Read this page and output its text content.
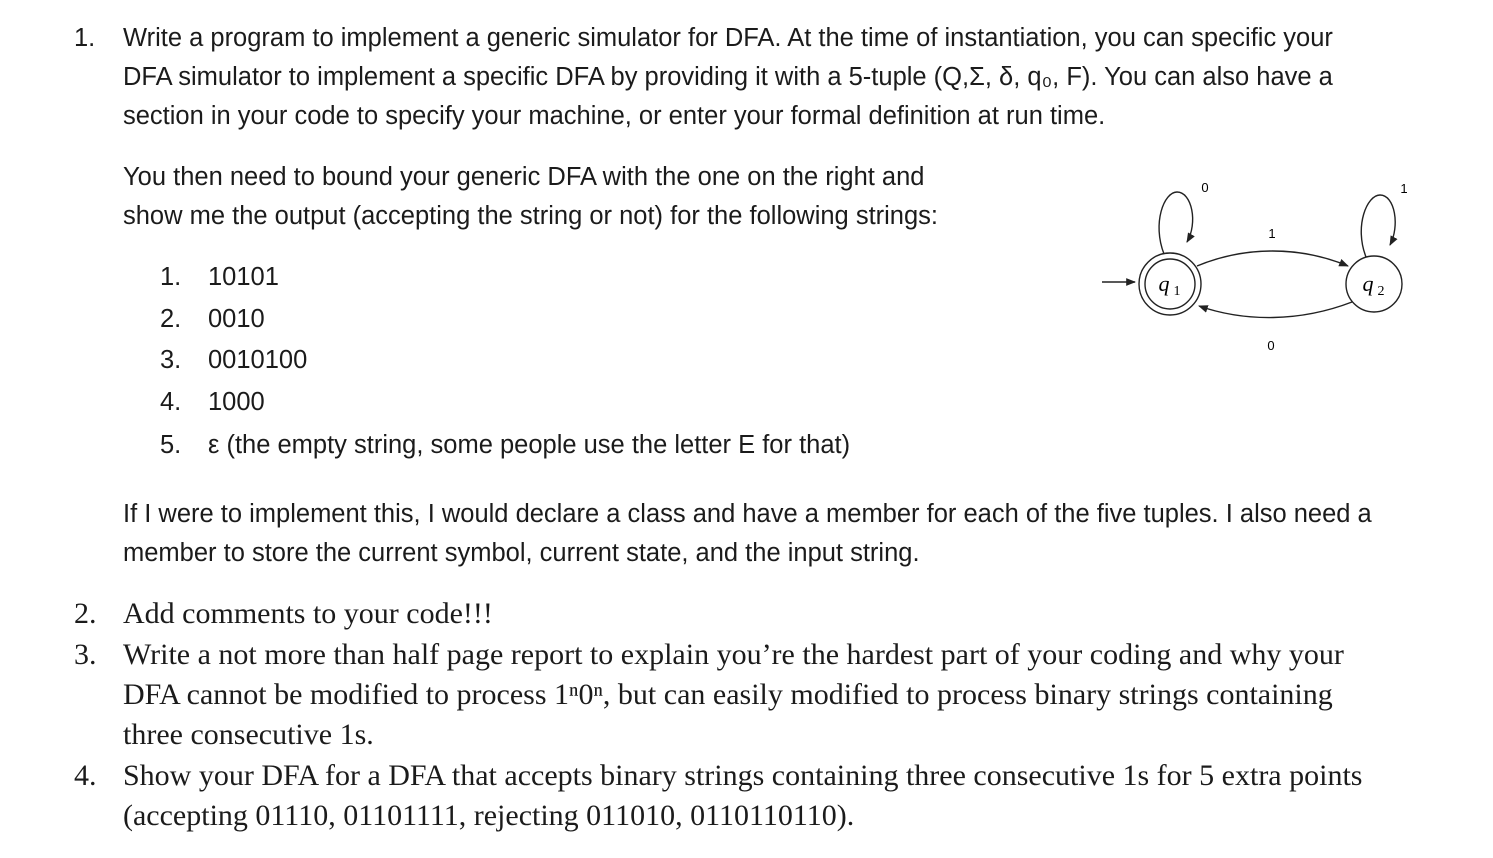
1. Write a program to implement a generic simulator for DFA. At the time of instantiation, you can specific your
DFA simulator to implement a specific DFA by providing it with a 5-tuple (Q,Σ, δ, q₀, F). You can also have a
section in your code to specify your machine, or enter your formal definition at run time.
You then need to bound your generic DFA with the one on the right and
show me the output (accepting the string or not) for the following strings:
1. 10101
2. 0010
3. 0010100
4. 1000
5. ε (the empty string, some people use the letter E for that)
If I were to implement this, I would declare a class and have a member for each of the five tuples. I also need a
member to store the current symbol, current state, and the input string.
2. Add comments to your code!!!
3. Write a not more than half page report to explain you’re the hardest part of your coding and why your
DFA cannot be modified to process 1ⁿ0ⁿ, but can easily modified to process binary strings containing
three consecutive 1s.
4. Show your DFA for a DFA that accepts binary strings containing three consecutive 1s for 5 extra points
(accepting 01110, 01101111, rejecting 011010, 0110110110).
q 1	q 2
0	1
1
0
